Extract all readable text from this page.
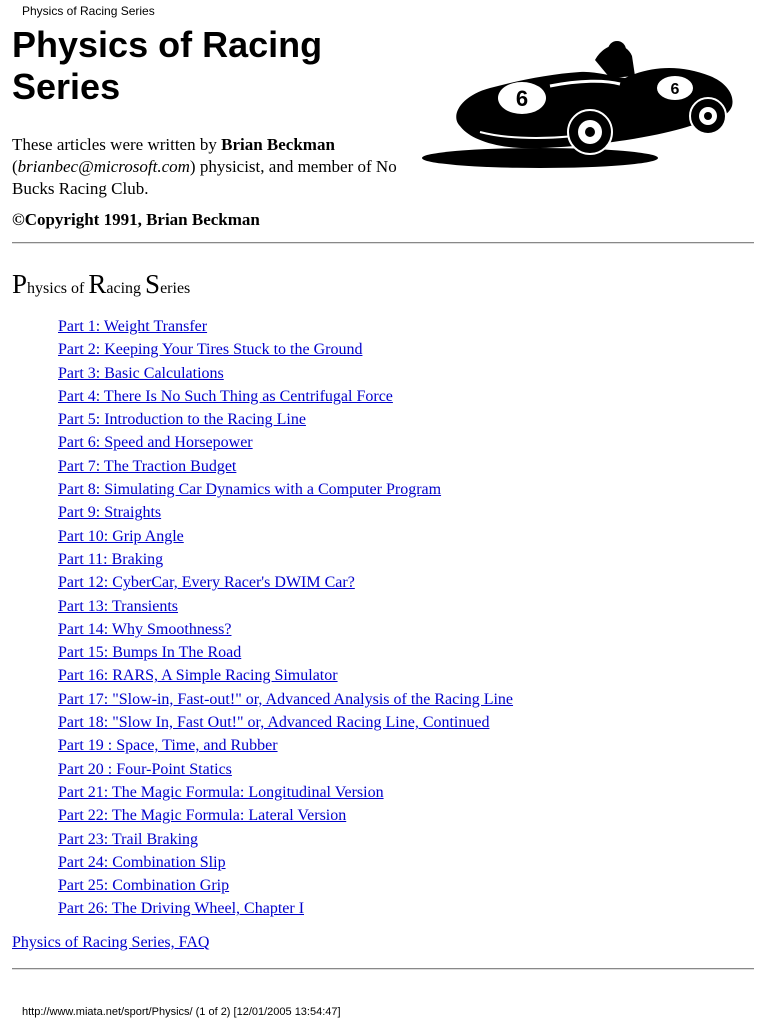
Physics of Racing Series
Physics of Racing Series	6	6
These articles were written by Brian Beckman
(brianbec@microsoft.com) physicist, and member of No Bucks Racing Club.
©Copyright 1991, Brian Beckman
Physics of Racing Series
Part 1: Weight Transfer
Part 2: Keeping Your Tires Stuck to the Ground
Part 3: Basic Calculations
Part 4: There Is No Such Thing as Centrifugal Force
Part 5: Introduction to the Racing Line
Part 6: Speed and Horsepower
Part 7: The Traction Budget
Part 8: Simulating Car Dynamics with a Computer Program
Part 9: Straights
Part 10: Grip Angle
Part 11: Braking
Part 12: CyberCar, Every Racer's DWIM Car?
Part 13: Transients
Part 14: Why Smoothness?
Part 15: Bumps In The Road
Part 16: RARS, A Simple Racing Simulator
Part 17: "Slow-in, Fast-out!" or, Advanced Analysis of the Racing Line
Part 18: "Slow In, Fast Out!" or, Advanced Racing Line, Continued
Part 19 : Space, Time, and Rubber
Part 20 : Four-Point Statics
Part 21: The Magic Formula: Longitudinal Version
Part 22: The Magic Formula: Lateral Version
Part 23: Trail Braking
Part 24: Combination Slip
Part 25: Combination Grip
Part 26: The Driving Wheel, Chapter I
Physics of Racing Series, FAQ
http://www.miata.net/sport/Physics/ (1 of 2) [12/01/2005 13:54:47]
